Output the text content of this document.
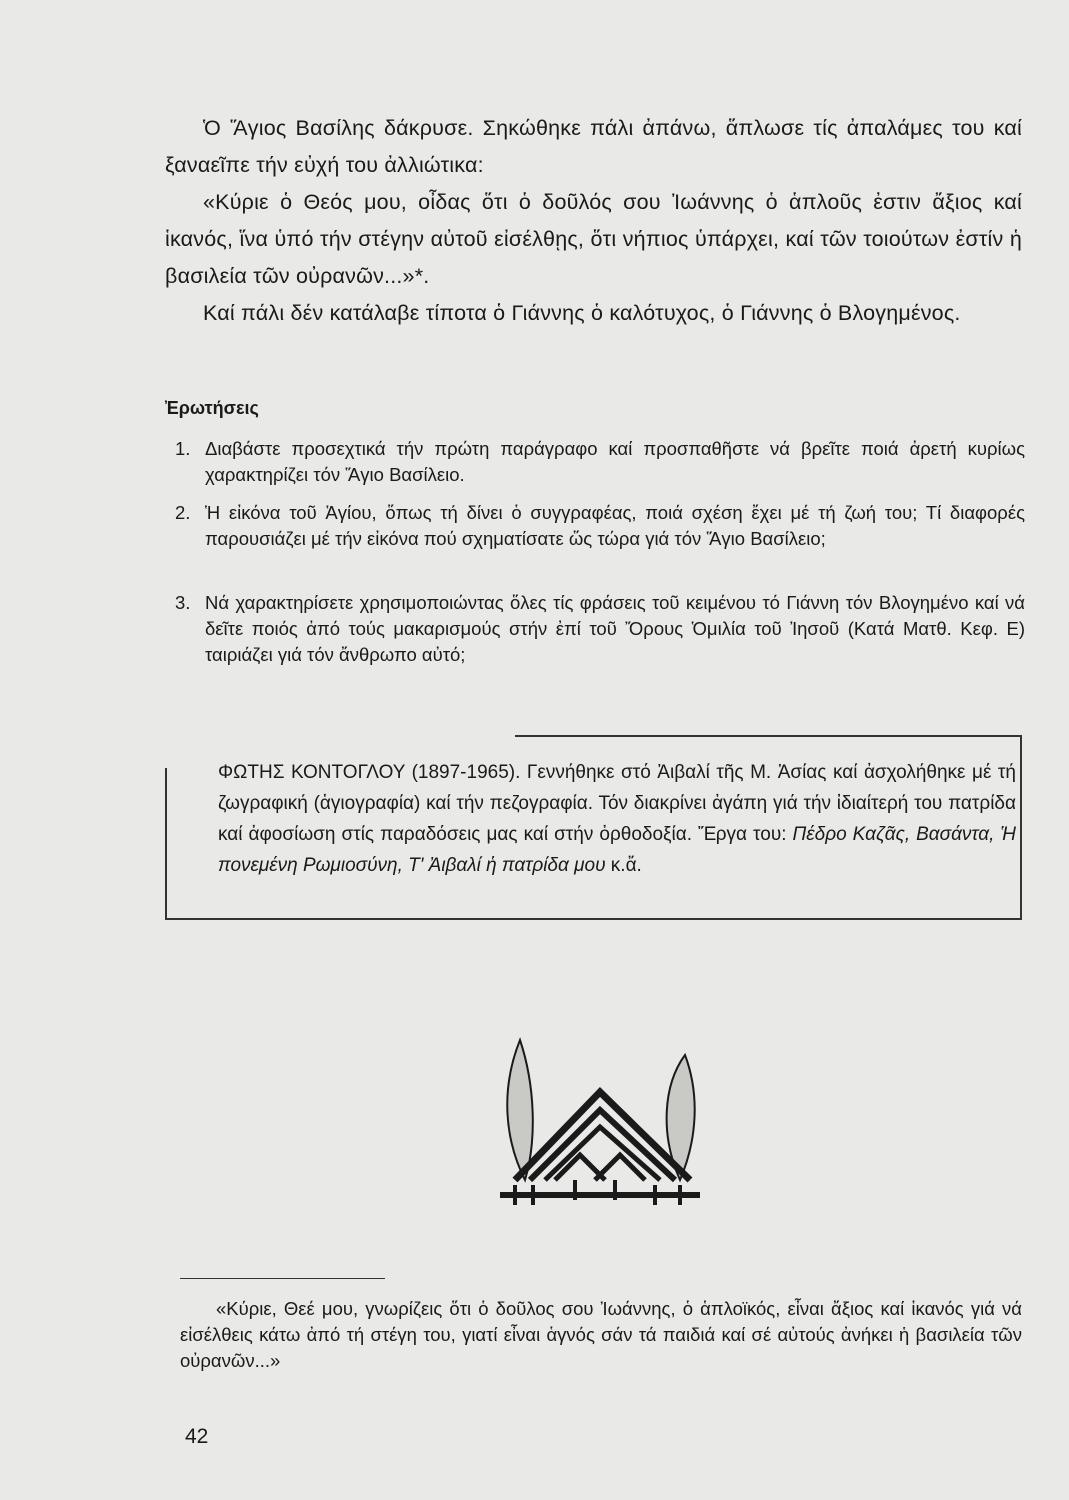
Ὁ Ἅγιος Βασίλης δάκρυσε. Σηκώθηκε πάλι ἀπάνω, ἅπλωσε τίς ἀπαλάμες του καί ξαναεῖπε τήν εὐχή του ἀλλιώτικα:

«Κύριε ὁ Θεός μου, οἶδας ὅτι ὁ δοῦλός σου Ἰωάννης ὁ ἁπλοῦς ἐστιν ἄξιος καί ἱκανός, ἵνα ὑπό τήν στέγην αὐτοῦ εἰσέλθῃς, ὅτι νήπιος ὑπάρχει, καί τῶν τοιούτων ἐστίν ἡ βασιλεία τῶν οὐρανῶν...»*.

Καί πάλι δέν κατάλαβε τίποτα ὁ Γιάννης ὁ καλότυχος, ὁ Γιάννης ὁ Βλογημένος.

Ἐρωτήσεις

1. Διαβάστε προσεχτικά τήν πρώτη παράγραφο καί προσπαθῆστε νά βρεῖτε ποιά ἀρετή κυρίως χαρακτηρίζει τόν Ἅγιο Βασίλειο.
2. Ἡ εἰκόνα τοῦ Ἁγίου, ὅπως τή δίνει ὁ συγγραφέας, ποιά σχέση ἔχει μέ τή ζωή του; Τί διαφορές παρουσιάζει μέ τήν εἰκόνα πού σχηματίσατε ὥς τώρα γιά τόν Ἅγιο Βασίλειο;
3. Νά χαρακτηρίσετε χρησιμοποιώντας ὅλες τίς φράσεις τοῦ κειμένου τό Γιάννη τόν Βλογημένο καί νά δεῖτε ποιός ἀπό τούς μακαρισμούς στήν ἐπί τοῦ Ὄρους Ὁμιλία τοῦ Ἰησοῦ (Κατά Ματθ. Κεφ. Ε) ταιριάζει γιά τόν ἄνθρωπο αὐτό;

ΦΩΤΗΣ ΚΟΝΤΟΓΛΟΥ (1897-1965). Γεννήθηκε στό Ἀιβαλί τῆς Μ. Ἀσίας καί ἀσχολήθηκε μέ τή ζωγραφική (ἁγιογραφία) καί τήν πεζογραφία. Τόν διακρίνει ἀγάπη γιά τήν ἰδιαίτερή του πατρίδα καί ἀφοσίωση στίς παραδόσεις μας καί στήν ὀρθοδοξία. Ἔργα του: Πέδρο Καζᾶς, Βασάντα, Ἡ πονεμένη Ρωμιοσύνη, Τ' Ἀιβαλί ἡ πατρίδα μου κ.ἄ.

«Κύριε, Θεέ μου, γνωρίζεις ὅτι ὁ δοῦλος σου Ἰωάννης, ὁ ἁπλοϊκός, εἶναι ἄξιος καί ἱκανός γιά νά εἰσέλθεις κάτω ἀπό τή στέγη του, γιατί εἶναι ἁγνός σάν τά παιδιά καί σέ αὐτούς ἀνήκει ἡ βασιλεία τῶν οὐρανῶν...»

42
